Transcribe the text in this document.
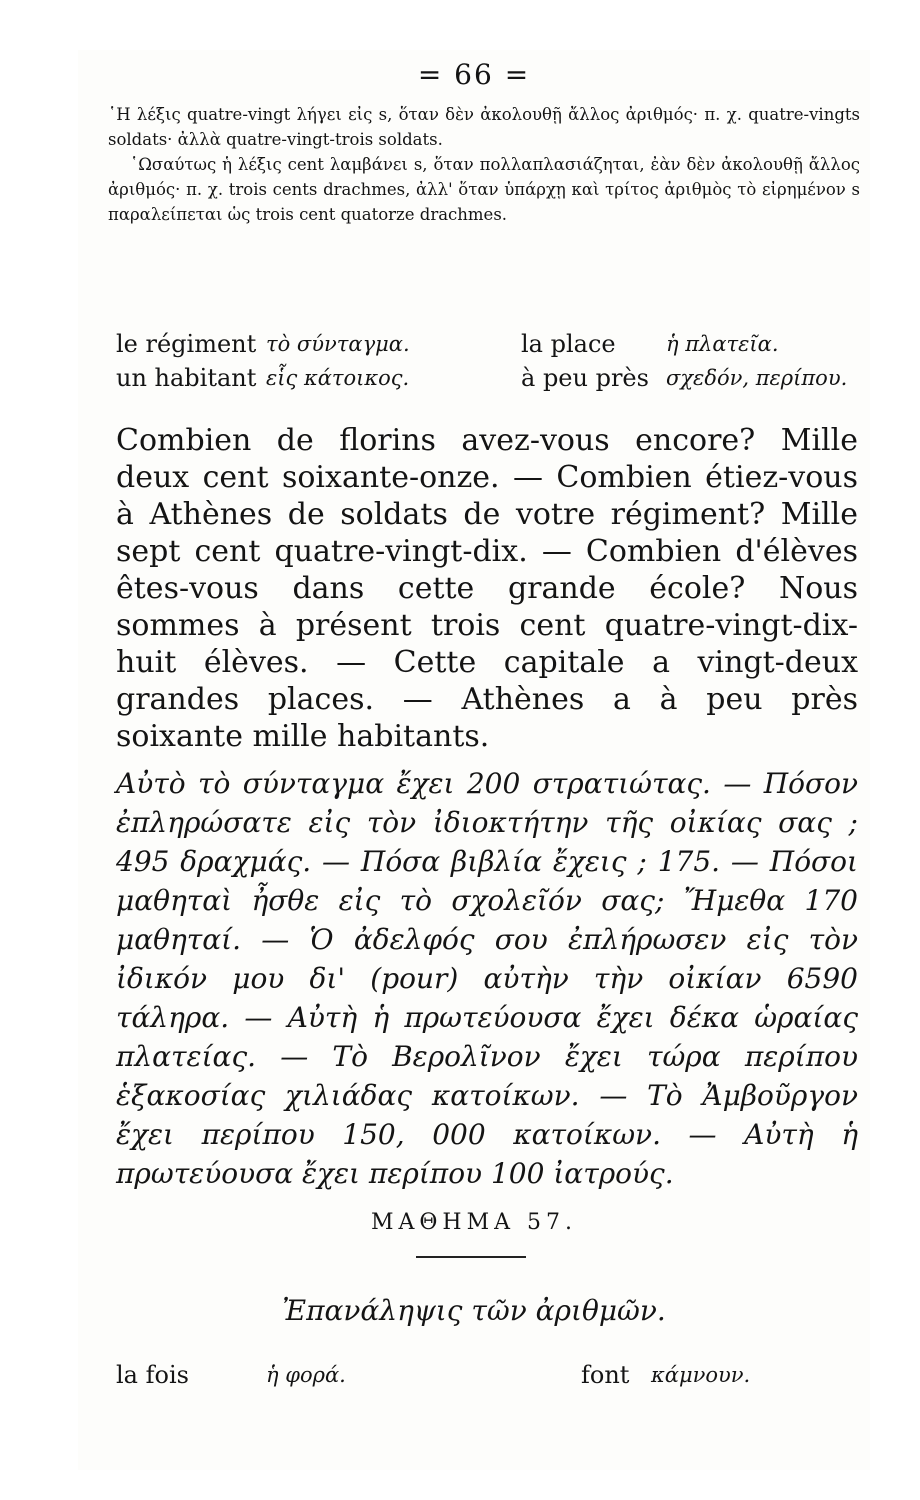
= 66 =

῾Η λέξις quatre-vingt λήγει εἰς s, ὅταν δὲν ἀκολουθῇ ἄλλος ἀριθμός· π. χ. quatre-vingts soldats· ἀλλὰ quatre-vingt-trois soldats.

῾Ωσαύτως ἡ λέξις cent λαμβάνει s, ὅταν πολλαπλασιάζηται, ἐὰν δὲν ἀκολουθῇ ἄλλος ἀριθμός· π. χ. trois cents drachmes, ἀλλ' ὅταν ὑπάρχῃ καὶ τρίτος ἀριθμὸς τὸ εἰρημένον s παραλείπεται ὡς trois cent quatorze drachmes.

le régiment τὸ σύνταγμα.	la place ἡ πλατεῖα.
un habitant εἷς κάτοικος.	à peu près σχεδόν, περίπου.

Combien de florins avez-vous encore? Mille deux cent soixante-onze. — Combien étiez-vous à Athènes de soldats de votre régiment? Mille sept cent quatre-vingt-dix. — Combien d'élèves êtes-vous dans cette grande école? Nous sommes à présent trois cent quatre-vingt-dix-huit élèves. — Cette capitale a vingt-deux grandes places. — Athènes a à peu près soixante mille habitants.

Αὐτὸ τὸ σύνταγμα ἔχει 200 στρατιώτας. — Πόσον ἐπληρώσατε εἰς τὸν ἰδιοκτήτην τῆς οἰκίας σας ; 495 δραχμάς. — Πόσα βιβλία ἔχεις ; 175. — Πόσοι μαθηταὶ ἦσθε εἰς τὸ σχολεῖόν σας; Ἤμεθα 170 μαθηταί. — Ὁ ἀδελφός σου ἐπλήρωσεν εἰς τὸν ἰδικόν μου δι' (pour) αὐτὴν τὴν οἰκίαν 6590 τάληρα. — Αὐτὴ ἡ πρωτεύουσα ἔχει δέκα ὡραίας πλατείας. — Τὸ Βερολῖνον ἔχει τώρα περίπου ἑξακοσίας χιλιάδας κατοίκων. — Τὸ Ἀμβοῦργον ἔχει περίπου 150, 000 κατοίκων. — Αὐτὴ ἡ πρωτεύουσα ἔχει περίπου 100 ἰατρούς.

ΜΑΘΗΜΑ 57.
Ἐπανάληψις τῶν ἀριθμῶν.
la fois	ἡ φορά.	font κάμνουν.
